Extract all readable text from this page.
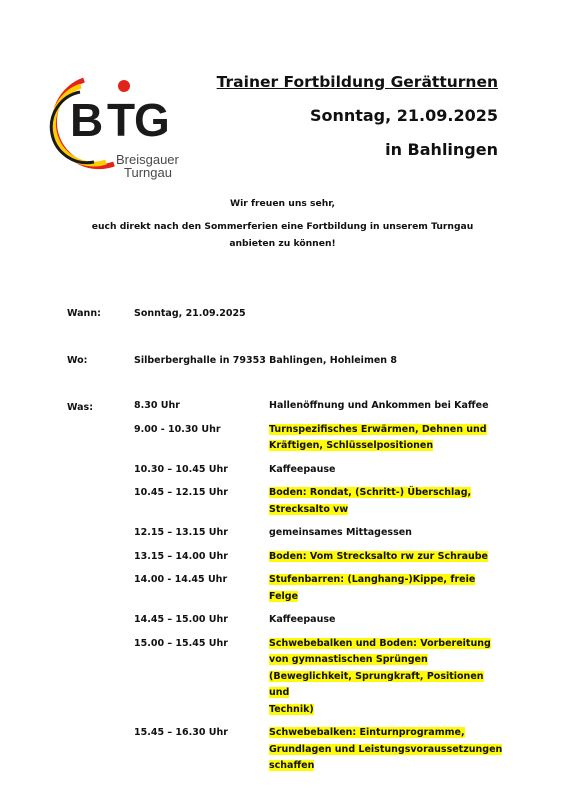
BTG
Breisgauer
Turngau
Trainer Fortbildung Gerätturnen
Sonntag, 21.09.2025
in Bahlingen
Wir freuen uns sehr,
euch direkt nach den Sommerferien eine Fortbildung in unserem Turngau
anbieten zu können!
Wann:	Sonntag, 21.09.2025
Wo:	Silberberghalle in 79353 Bahlingen, Hohleimen 8
Was:	8.30 Uhr	Hallenöffnung und Ankommen bei Kaffee
9.00 - 10.30 Uhr	Turnspezifisches Erwärmen, Dehnen und
Kräftigen, Schlüsselpositionen
10.30 – 10.45 Uhr	Kaffeepause
10.45 – 12.15 Uhr	Boden: Rondat, (Schritt-) Überschlag,
Strecksalto vw
12.15 – 13.15 Uhr	gemeinsames Mittagessen
13.15 – 14.00 Uhr	Boden: Vom Strecksalto rw zur Schraube
14.00 - 14.45 Uhr	Stufenbarren: (Langhang-)Kippe, freie Felge
14.45 – 15.00 Uhr	Kaffeepause
15.00 – 15.45 Uhr	Schwebebalken und Boden: Vorbereitung
von gymnastischen Sprüngen
(Beweglichkeit, Sprungkraft, Positionen und
Technik)
15.45 – 16.30 Uhr	Schwebebalken: Einturnprogramme,
Grundlagen und Leistungsvoraussetzungen
schaffen
